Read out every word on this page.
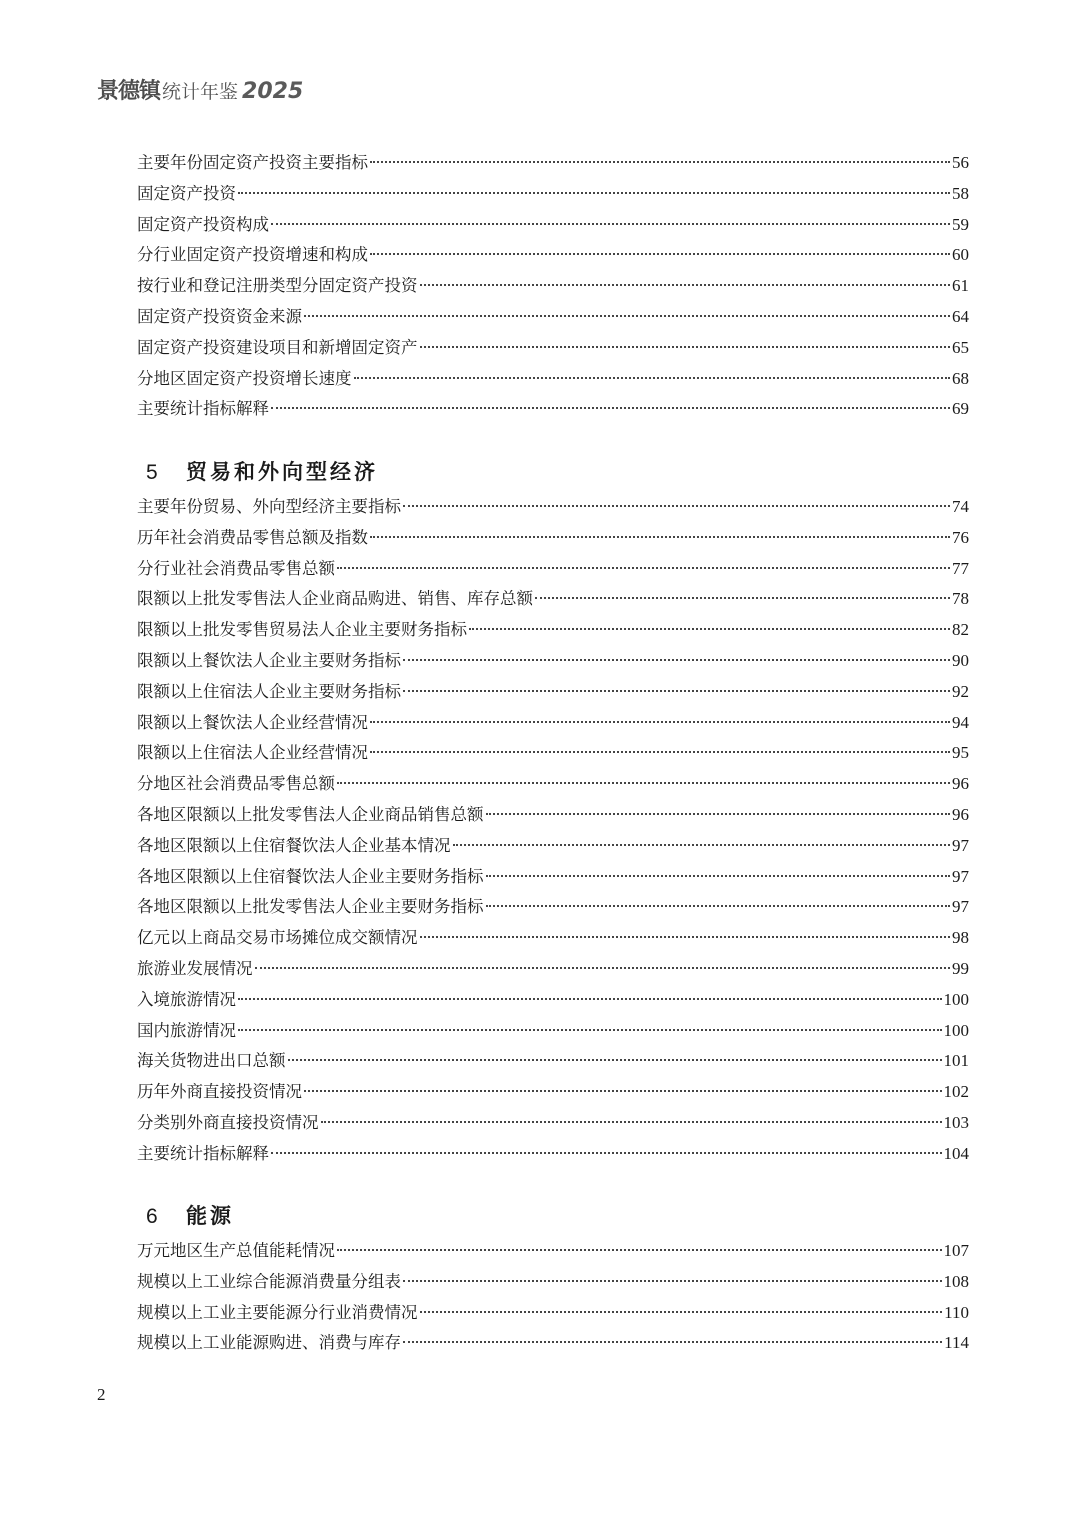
景德镇 统计年鉴 2025
主要年份固定资产投资主要指标	56
固定资产投资	58
固定资产投资构成	59
分行业固定资产投资增速和构成	60
按行业和登记注册类型分固定资产投资	61
固定资产投资资金来源	64
固定资产投资建设项目和新增固定资产	65
分地区固定资产投资增长速度	68
主要统计指标解释	69
5	贸易和外向型经济
主要年份贸易、外向型经济主要指标	74
历年社会消费品零售总额及指数	76
分行业社会消费品零售总额	77
限额以上批发零售法人企业商品购进、销售、库存总额	78
限额以上批发零售贸易法人企业主要财务指标	82
限额以上餐饮法人企业主要财务指标	90
限额以上住宿法人企业主要财务指标	92
限额以上餐饮法人企业经营情况	94
限额以上住宿法人企业经营情况	95
分地区社会消费品零售总额	96
各地区限额以上批发零售法人企业商品销售总额	96
各地区限额以上住宿餐饮法人企业基本情况	97
各地区限额以上住宿餐饮法人企业主要财务指标	97
各地区限额以上批发零售法人企业主要财务指标	97
亿元以上商品交易市场摊位成交额情况	98
旅游业发展情况	99
入境旅游情况	100
国内旅游情况	100
海关货物进出口总额	101
历年外商直接投资情况	102
分类别外商直接投资情况	103
主要统计指标解释	104
6	能源
万元地区生产总值能耗情况	107
规模以上工业综合能源消费量分组表	108
规模以上工业主要能源分行业消费情况	110
规模以上工业能源购进、消费与库存	114
2
